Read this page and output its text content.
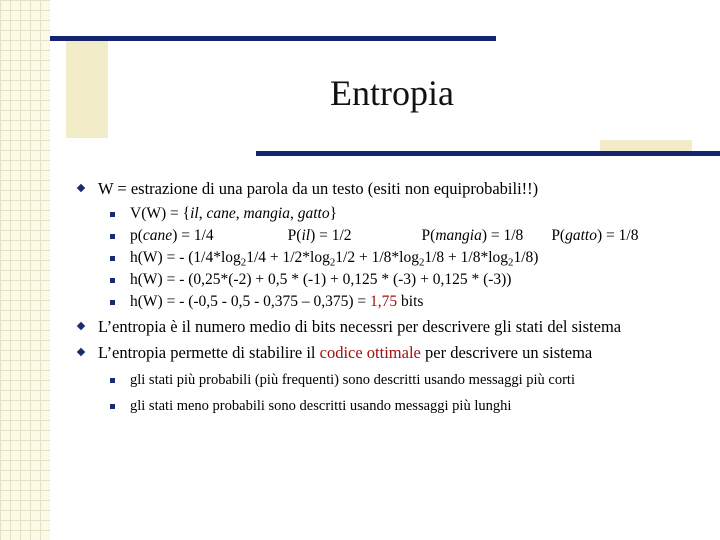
Entropia
W = estrazione di una parola da un testo (esiti non equiprobabili!!)
V(W) = {il, cane, mangia, gatto}
p(cane) = 1/4	P(il) = 1/2	P(mangia) = 1/8 P(gatto) = 1/8
h(W) = - $(1/4*\log_21/4 + 1/2*\log_21/2 + 1/8*\log_21/8 + 1/8*\log_21/8)$
h(W) = - (0,25*(-2) + 0,5 * (-1) + 0,125 * (-3) + 0,125 * (-3))
h(W) = - (-0,5 - 0,5 - 0,375 – 0,375) = 1,75 bits
L’entropia è il numero medio di bits necessri per descrivere gli stati del sistema
L’entropia permette di stabilire il codice ottimale per descrivere un sistema
gli stati più probabili (più frequenti) sono descritti usando messaggi più corti
gli stati meno probabili sono descritti usando messaggi più lunghi
